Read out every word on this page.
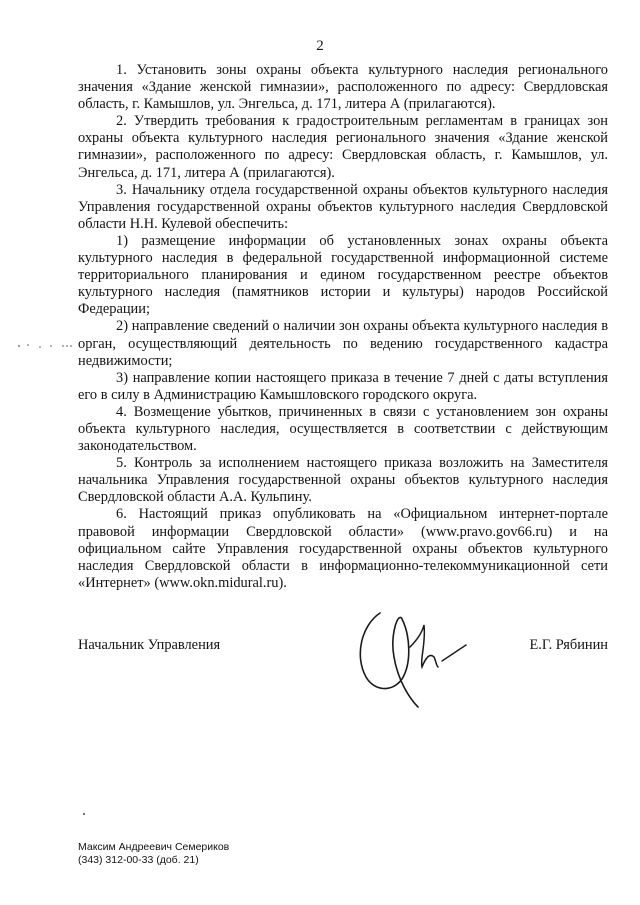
2

1. Установить зоны охраны объекта культурного наследия регионального значения «Здание женской гимназии», расположенного по адресу: Свердловская область, г. Камышлов, ул. Энгельса, д. 171, литера А (прилагаются).

2. Утвердить требования к градостроительным регламентам в границах зон охраны объекта культурного наследия регионального значения «Здание женской гимназии», расположенного по адресу: Свердловская область, г. Камышлов, ул. Энгельса, д. 171, литера А (прилагаются).

3. Начальнику отдела государственной охраны объектов культурного наследия Управления государственной охраны объектов культурного наследия Свердловской области Н.Н. Кулевой обеспечить:

1) размещение информации об установленных зонах охраны объекта культурного наследия в федеральной государственной информационной системе территориального планирования и едином государственном реестре объектов культурного наследия (памятников истории и культуры) народов Российской Федерации;

2) направление сведений о наличии зон охраны объекта культурного наследия в орган, осуществляющий деятельность по ведению государственного кадастра недвижимости;

3) направление копии настоящего приказа в течение 7 дней с даты вступления его в силу в Администрацию Камышловского городского округа.

4. Возмещение убытков, причиненных в связи с установлением зон охраны объекта культурного наследия, осуществляется в соответствии с действующим законодательством.

5. Контроль за исполнением настоящего приказа возложить на Заместителя начальника Управления государственной охраны объектов культурного наследия Свердловской области А.А. Кульпину.

6. Настоящий приказ опубликовать на «Официальном интернет-портале правовой информации Свердловской области» (www.pravo.gov66.ru) и на официальном сайте Управления государственной охраны объектов культурного наследия Свердловской области в информационно-телекоммуникационной сети «Интернет» (www.okn.midural.ru).

Начальник Управления	Е.Г. Рябинин
Максим Андреевич Семериков
(343) 312-00-33 (доб. 21)
